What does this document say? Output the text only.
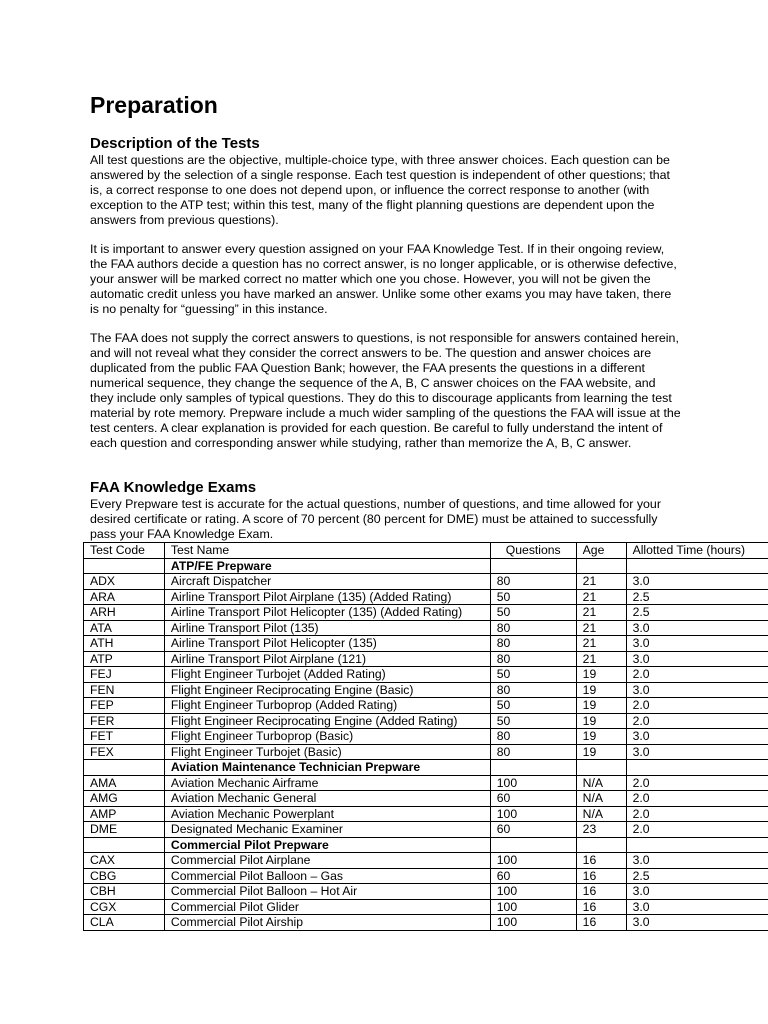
Preparation
Description of the Tests

All test questions are the objective, multiple-choice type, with three answer choices. Each question can be answered by the selection of a single response. Each test question is independent of other questions; that is, a correct response to one does not depend upon, or influence the correct response to another (with exception to the ATP test; within this test, many of the flight planning questions are dependent upon the answers from previous questions).

It is important to answer every question assigned on your FAA Knowledge Test. If in their ongoing review, the FAA authors decide a question has no correct answer, is no longer applicable, or is otherwise defective, your answer will be marked correct no matter which one you chose. However, you will not be given the automatic credit unless you have marked an answer. Unlike some other exams you may have taken, there is no penalty for “guessing” in this instance.

The FAA does not supply the correct answers to questions, is not responsible for answers contained herein, and will not reveal what they consider the correct answers to be. The question and answer choices are duplicated from the public FAA Question Bank; however, the FAA presents the questions in a different numerical sequence, they change the sequence of the A, B, C answer choices on the FAA website, and they include only samples of typical questions. They do this to discourage applicants from learning the test material by rote memory. Prepware include a much wider sampling of the questions the FAA will issue at the test centers. A clear explanation is provided for each question. Be careful to fully understand the intent of each question and corresponding answer while studying, rather than memorize the A, B, C answer.

FAA Knowledge Exams

Every Prepware test is accurate for the actual questions, number of questions, and time allowed for your desired certificate or rating. A score of 70 percent (80 percent for DME) must be attained to successfully pass your FAA Knowledge Exam.

Test Code	Test Name	Questions	Age	Allotted Time (hours)
	ATP/FE Prepware			
ADX	Aircraft Dispatcher	80	21	3.0
ARA	Airline Transport Pilot Airplane (135) (Added Rating)	50	21	2.5
ARH	Airline Transport Pilot Helicopter (135) (Added Rating)	50	21	2.5
ATA	Airline Transport Pilot (135)	80	21	3.0
ATH	Airline Transport Pilot Helicopter (135)	80	21	3.0
ATP	Airline Transport Pilot Airplane (121)	80	21	3.0
FEJ	Flight Engineer Turbojet (Added Rating)	50	19	2.0
FEN	Flight Engineer Reciprocating Engine (Basic)	80	19	3.0
FEP	Flight Engineer Turboprop (Added Rating)	50	19	2.0
FER	Flight Engineer Reciprocating Engine (Added Rating)	50	19	2.0
FET	Flight Engineer Turboprop (Basic)	80	19	3.0
FEX	Flight Engineer Turbojet (Basic)	80	19	3.0
	Aviation Maintenance Technician Prepware			
AMA	Aviation Mechanic Airframe	100	N/A	2.0
AMG	Aviation Mechanic General	60	N/A	2.0
AMP	Aviation Mechanic Powerplant	100	N/A	2.0
DME	Designated Mechanic Examiner	60	23	2.0
	Commercial Pilot Prepware			
CAX	Commercial Pilot Airplane	100	16	3.0
CBG	Commercial Pilot Balloon – Gas	60	16	2.5
CBH	Commercial Pilot Balloon – Hot Air	100	16	3.0
CGX	Commercial Pilot Glider	100	16	3.0
CLA	Commercial Pilot Airship	100	16	3.0
